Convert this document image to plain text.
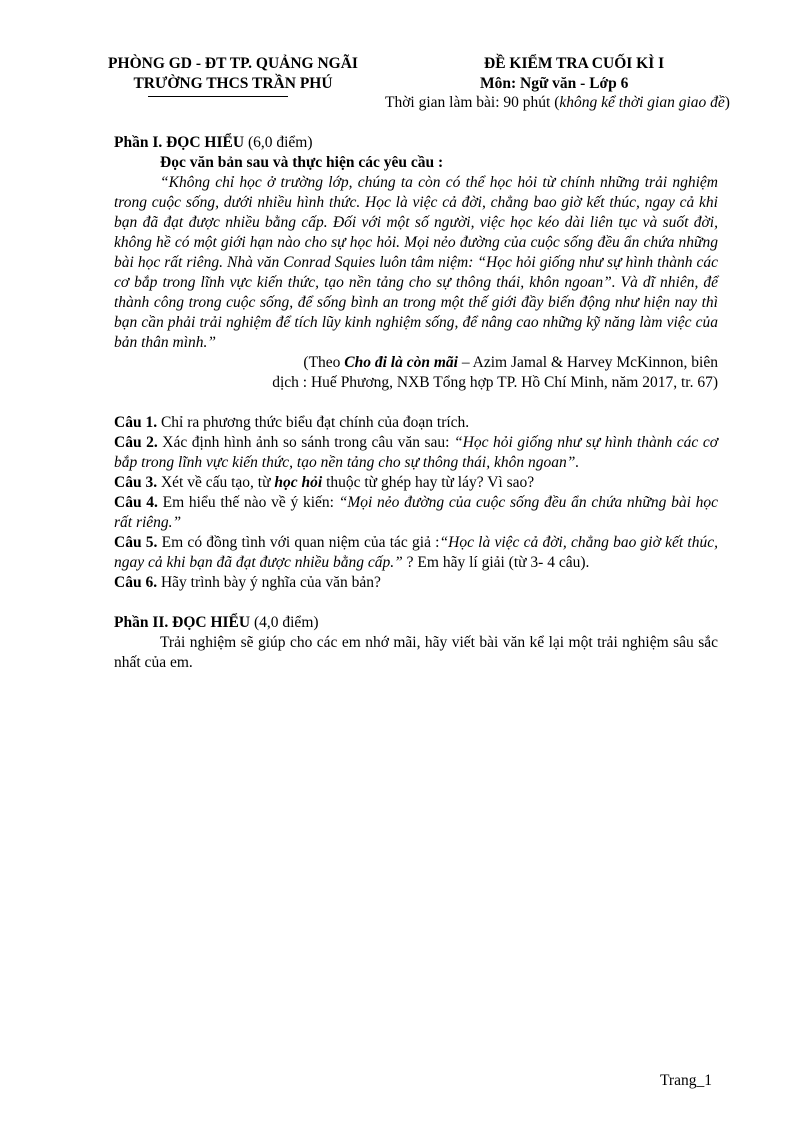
PHÒNG GD - ĐT TP. QUẢNG NGÃI
TRƯỜNG THCS TRẦN PHÚ
ĐỀ KIỂM TRA CUỐI KÌ I
Môn: Ngữ văn - Lớp 6
Thời gian làm bài: 90 phút (không kể thời gian giao đề)

Phần I. ĐỌC HIỂU (6,0 điểm)

Đọc văn bản sau và thực hiện các yêu cầu :

“Không chỉ học ở trường lớp, chúng ta còn có thể học hỏi từ chính những trải nghiệm trong cuộc sống, dưới nhiều hình thức. Học là việc cả đời, chẳng bao giờ kết thúc, ngay cả khi bạn đã đạt được nhiều bằng cấp. Đối với một số người, việc học kéo dài liên tục và suốt đời, không hề có một giới hạn nào cho sự học hỏi. Mọi nẻo đường của cuộc sống đều ẩn chứa những bài học rất riêng. Nhà văn Conrad Squies luôn tâm niệm: “Học hỏi giống như sự hình thành các cơ bắp trong lĩnh vực kiến thức, tạo nền tảng cho sự thông thái, khôn ngoan”. Và dĩ nhiên, để thành công trong cuộc sống, để sống bình an trong một thế giới đầy biến động như hiện nay thì bạn cần phải trải nghiệm để tích lũy kinh nghiệm sống, để nâng cao những kỹ năng làm việc của bản thân mình.”

(Theo Cho đi là còn mãi – Azim Jamal & Harvey McKinnon, biên

dịch : Huế Phương, NXB Tổng hợp TP. Hồ Chí Minh, năm 2017, tr. 67)

Câu 1. Chỉ ra phương thức biểu đạt chính của đoạn trích.

Câu 2. Xác định hình ảnh so sánh trong câu văn sau: “Học hỏi giống như sự hình thành các cơ bắp trong lĩnh vực kiến thức, tạo nền tảng cho sự thông thái, khôn ngoan”.

Câu 3. Xét về cấu tạo, từ học hỏi thuộc từ ghép hay từ láy? Vì sao?

Câu 4. Em hiểu thế nào về ý kiến: “Mọi nẻo đường của cuộc sống đều ẩn chứa những bài học rất riêng.”

Câu 5. Em có đồng tình với quan niệm của tác giả :“Học là việc cả đời, chẳng bao giờ kết thúc, ngay cả khi bạn đã đạt được nhiều bằng cấp.” ? Em hãy lí giải (từ 3- 4 câu).

Câu 6. Hãy trình bày ý nghĩa của văn bản?

Phần II. ĐỌC HIỂU (4,0 điểm)

Trải nghiệm sẽ giúp cho các em nhớ mãi, hãy viết bài văn kể lại một trải nghiệm sâu sắc nhất của em.

Trang_1
